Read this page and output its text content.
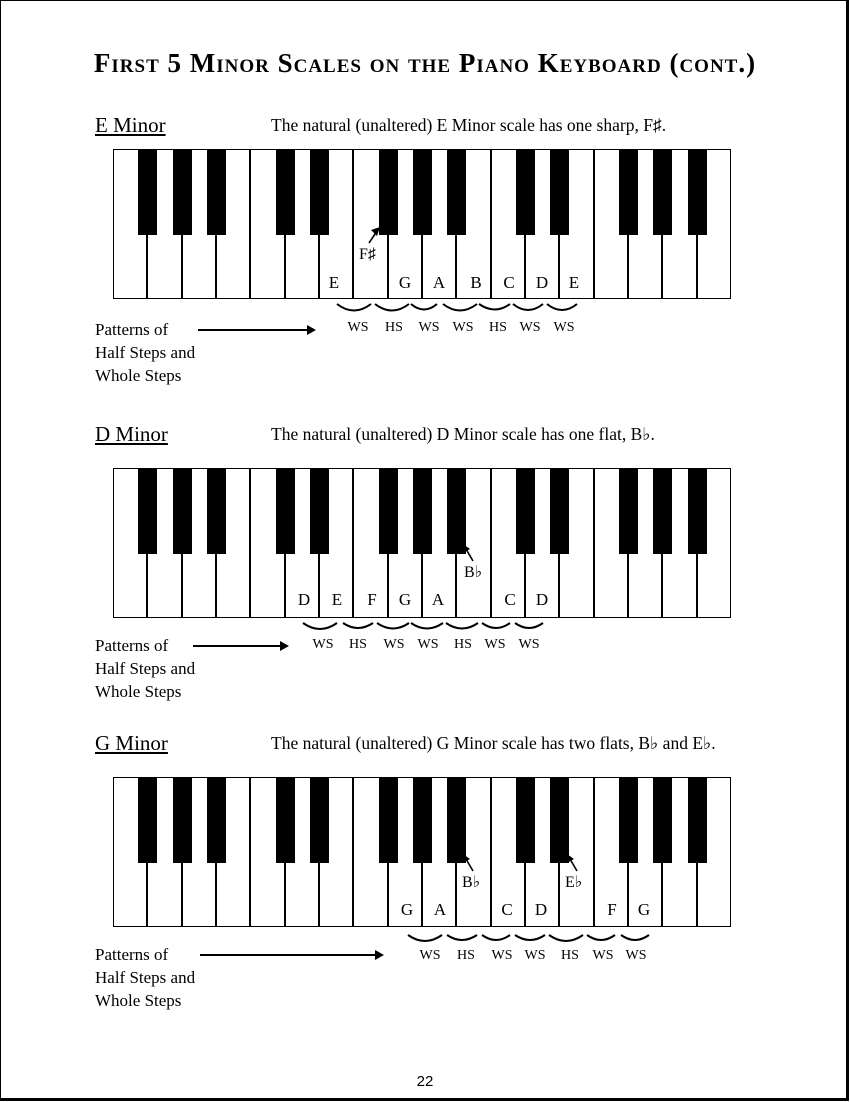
First 5 Minor Scales on the Piano Keyboard (cont.)
E Minor	The natural (unaltered) E Minor scale has one sharp, F♯.
E	G A B C D E
F♯
WS HS WS WS HS WS WS
Patterns of
Half Steps and
Whole Steps
D Minor	The natural (unaltered) D Minor scale has one flat, B♭.
D E F G A	C D
B♭
WS HS WS WS HS WS WS
Patterns of
Half Steps and
Whole Steps
G Minor	The natural (unaltered) G Minor scale has two flats, B♭ and E♭.
G A	C D	F G
B♭	E♭
WS HS WS WS HS WS WS
Patterns of
Half Steps and
Whole Steps
22
